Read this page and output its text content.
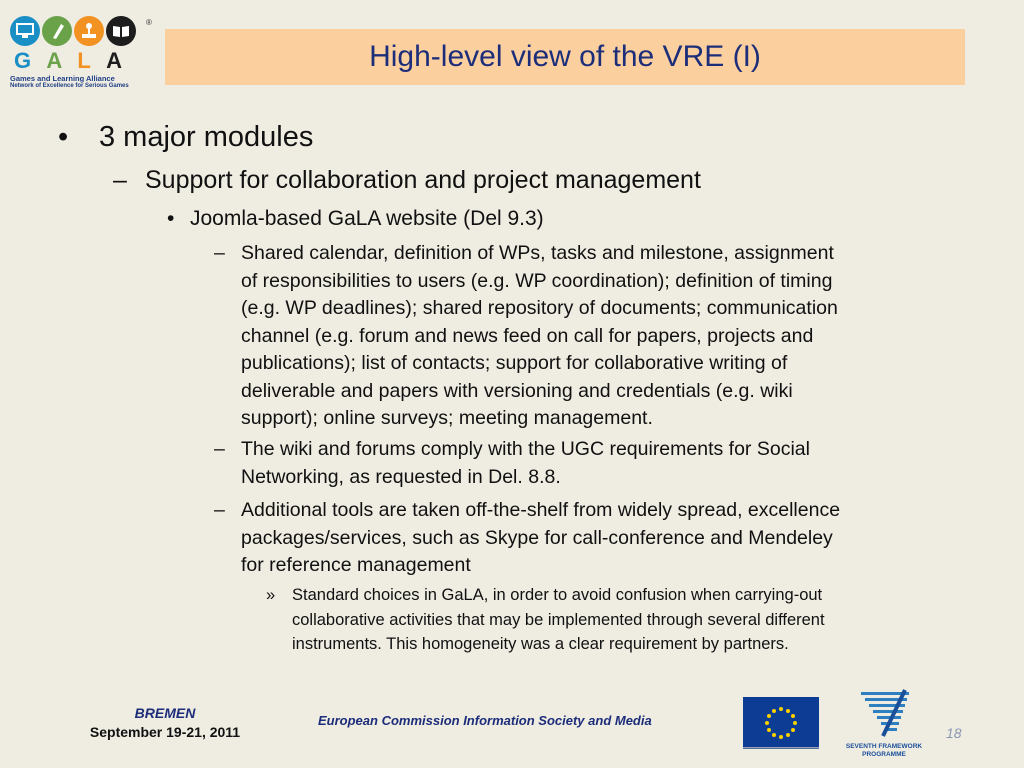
®
G A L A
Games and Learning Alliance
Network of Excellence for Serious Games
High-level view of the VRE (I)
• 3 major modules
– Support for collaboration and project management
• Joomla-based GaLA website (Del 9.3)
– Shared calendar, definition of WPs, tasks and milestone, assignment
of responsibilities to users (e.g. WP coordination); definition of timing
(e.g. WP deadlines); shared repository of documents; communication
channel (e.g. forum and news feed on call for papers, projects and
publications); list of contacts; support for collaborative writing of
deliverable and papers with versioning and credentials (e.g. wiki
support); online surveys; meeting management.
– The wiki and forums comply with the UGC requirements for Social
Networking, as requested in Del. 8.8.
– Additional tools are taken off-the-shelf from widely spread, excellence
packages/services, such as Skype for call-conference and Mendeley
for reference management
» Standard choices in GaLA, in order to avoid confusion when carrying-out
collaborative activities that may be implemented through several different
instruments. This homogeneity was a clear requirement by partners.
BREMEN
September 19-21, 2011
European Commission Information Society and Media
SEVENTH FRAMEWORK
PROGRAMME
18
